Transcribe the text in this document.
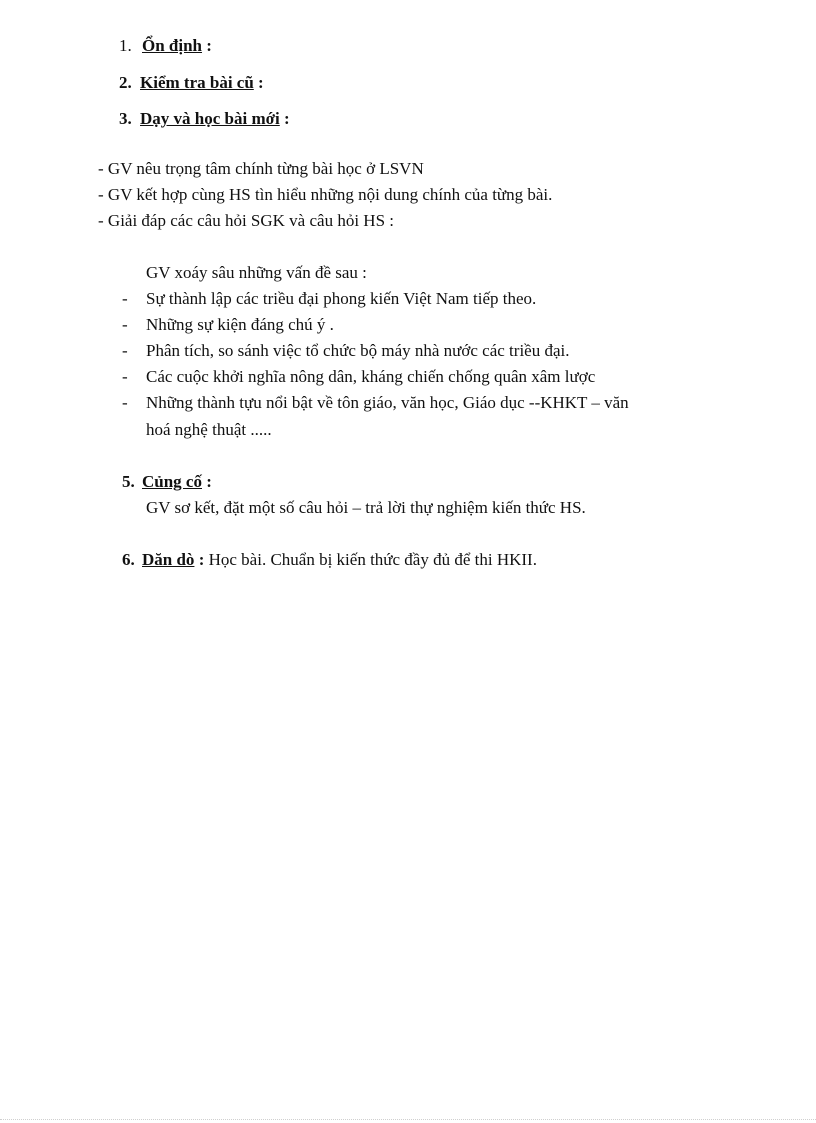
1. Ổn định :
2. Kiểm tra bài cũ :
3. Dạy và học bài mới :
- GV nêu trọng tâm chính từng bài học ở LSVN
- GV kết hợp cùng HS tìn hiểu những nội dung chính của từng bài.
- Giải đáp các câu hỏi SGK và câu hỏi HS :
GV xoáy sâu những vấn đề sau :
- Sự thành lập các triều đại phong kiến Việt Nam tiếp theo.
- Những sự kiện đáng chú ý .
- Phân tích, so sánh việc tổ chức bộ máy nhà nước các triều đại.
- Các cuộc khởi nghĩa nông dân, kháng chiến chống quân xâm lược
- Những thành tựu nổi bật về tôn giáo, văn học, Giáo dục --KHKT – văn
hoá nghệ thuật .....
5. Củng cố :
GV sơ kết, đặt một số câu hỏi – trả lời thự nghiệm kiến thức HS.
6. Dăn dò : Học bài. Chuẩn bị kiến thức đầy đủ để thi HKII.
